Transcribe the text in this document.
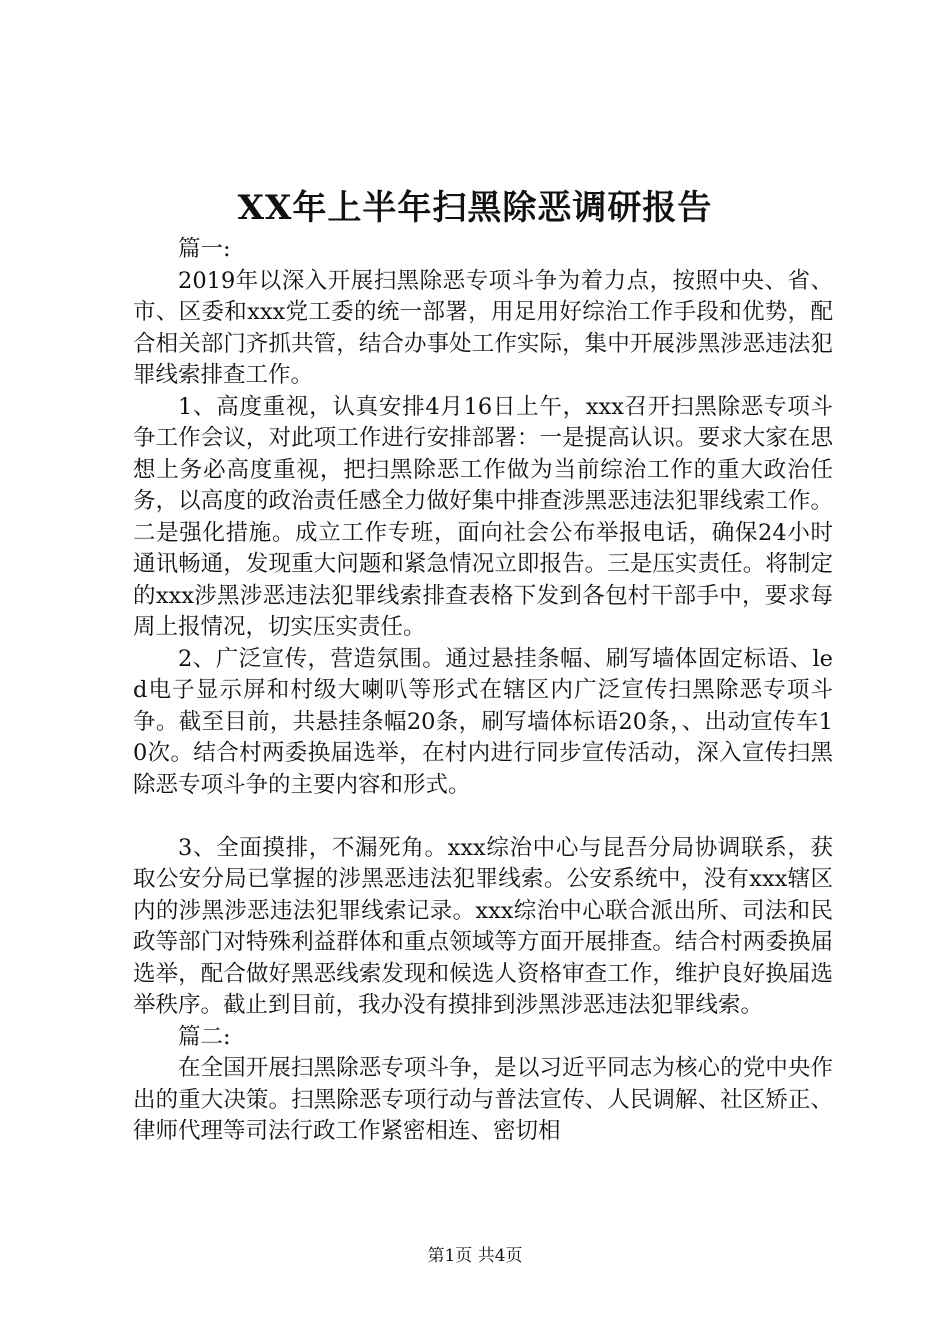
XX年上半年扫黑除恶调研报告

篇一:

2019年以深入开展扫黑除恶专项斗争为着力点，按照中央、省、市、区委和xxx党工委的统一部署，用足用好综治工作手段和优势，配合相关部门齐抓共管，结合办事处工作实际，集中开展涉黑涉恶违法犯罪线索排查工作。

1、高度重视，认真安排4月16日上午，xxx召开扫黑除恶专项斗争工作会议，对此项工作进行安排部署：一是提高认识。要求大家在思想上务必高度重视，把扫黑除恶工作做为当前综治工作的重大政治任务，以高度的政治责任感全力做好集中排查涉黑恶违法犯罪线索工作。二是强化措施。成立工作专班，面向社会公布举报电话，确保24小时通讯畅通，发现重大问题和紧急情况立即报告。三是压实责任。将制定的xxx涉黑涉恶违法犯罪线索排查表格下发到各包村干部手中，要求每周上报情况，切实压实责任。

2、广泛宣传，营造氛围。通过悬挂条幅、刷写墙体固定标语、led电子显示屏和村级大喇叭等形式在辖区内广泛宣传扫黑除恶专项斗争。截至目前，共悬挂条幅20条，刷写墙体标语20条，、出动宣传车10次。结合村两委换届选举，在村内进行同步宣传活动，深入宣传扫黑除恶专项斗争的主要内容和形式。

3、全面摸排，不漏死角。xxx综治中心与昆吾分局协调联系，获取公安分局已掌握的涉黑恶违法犯罪线索。公安系统中，没有xxx辖区内的涉黑涉恶违法犯罪线索记录。xxx综治中心联合派出所、司法和民政等部门对特殊利益群体和重点领域等方面开展排查。结合村两委换届选举，配合做好黑恶线索发现和候选人资格审查工作，维护良好换届选举秩序。截止到目前，我办没有摸排到涉黑涉恶违法犯罪线索。

篇二:

在全国开展扫黑除恶专项斗争，是以习近平同志为核心的党中央作出的重大决策。扫黑除恶专项行动与普法宣传、人民调解、社区矫正、律师代理等司法行政工作紧密相连、密切相

第1页 共4页
